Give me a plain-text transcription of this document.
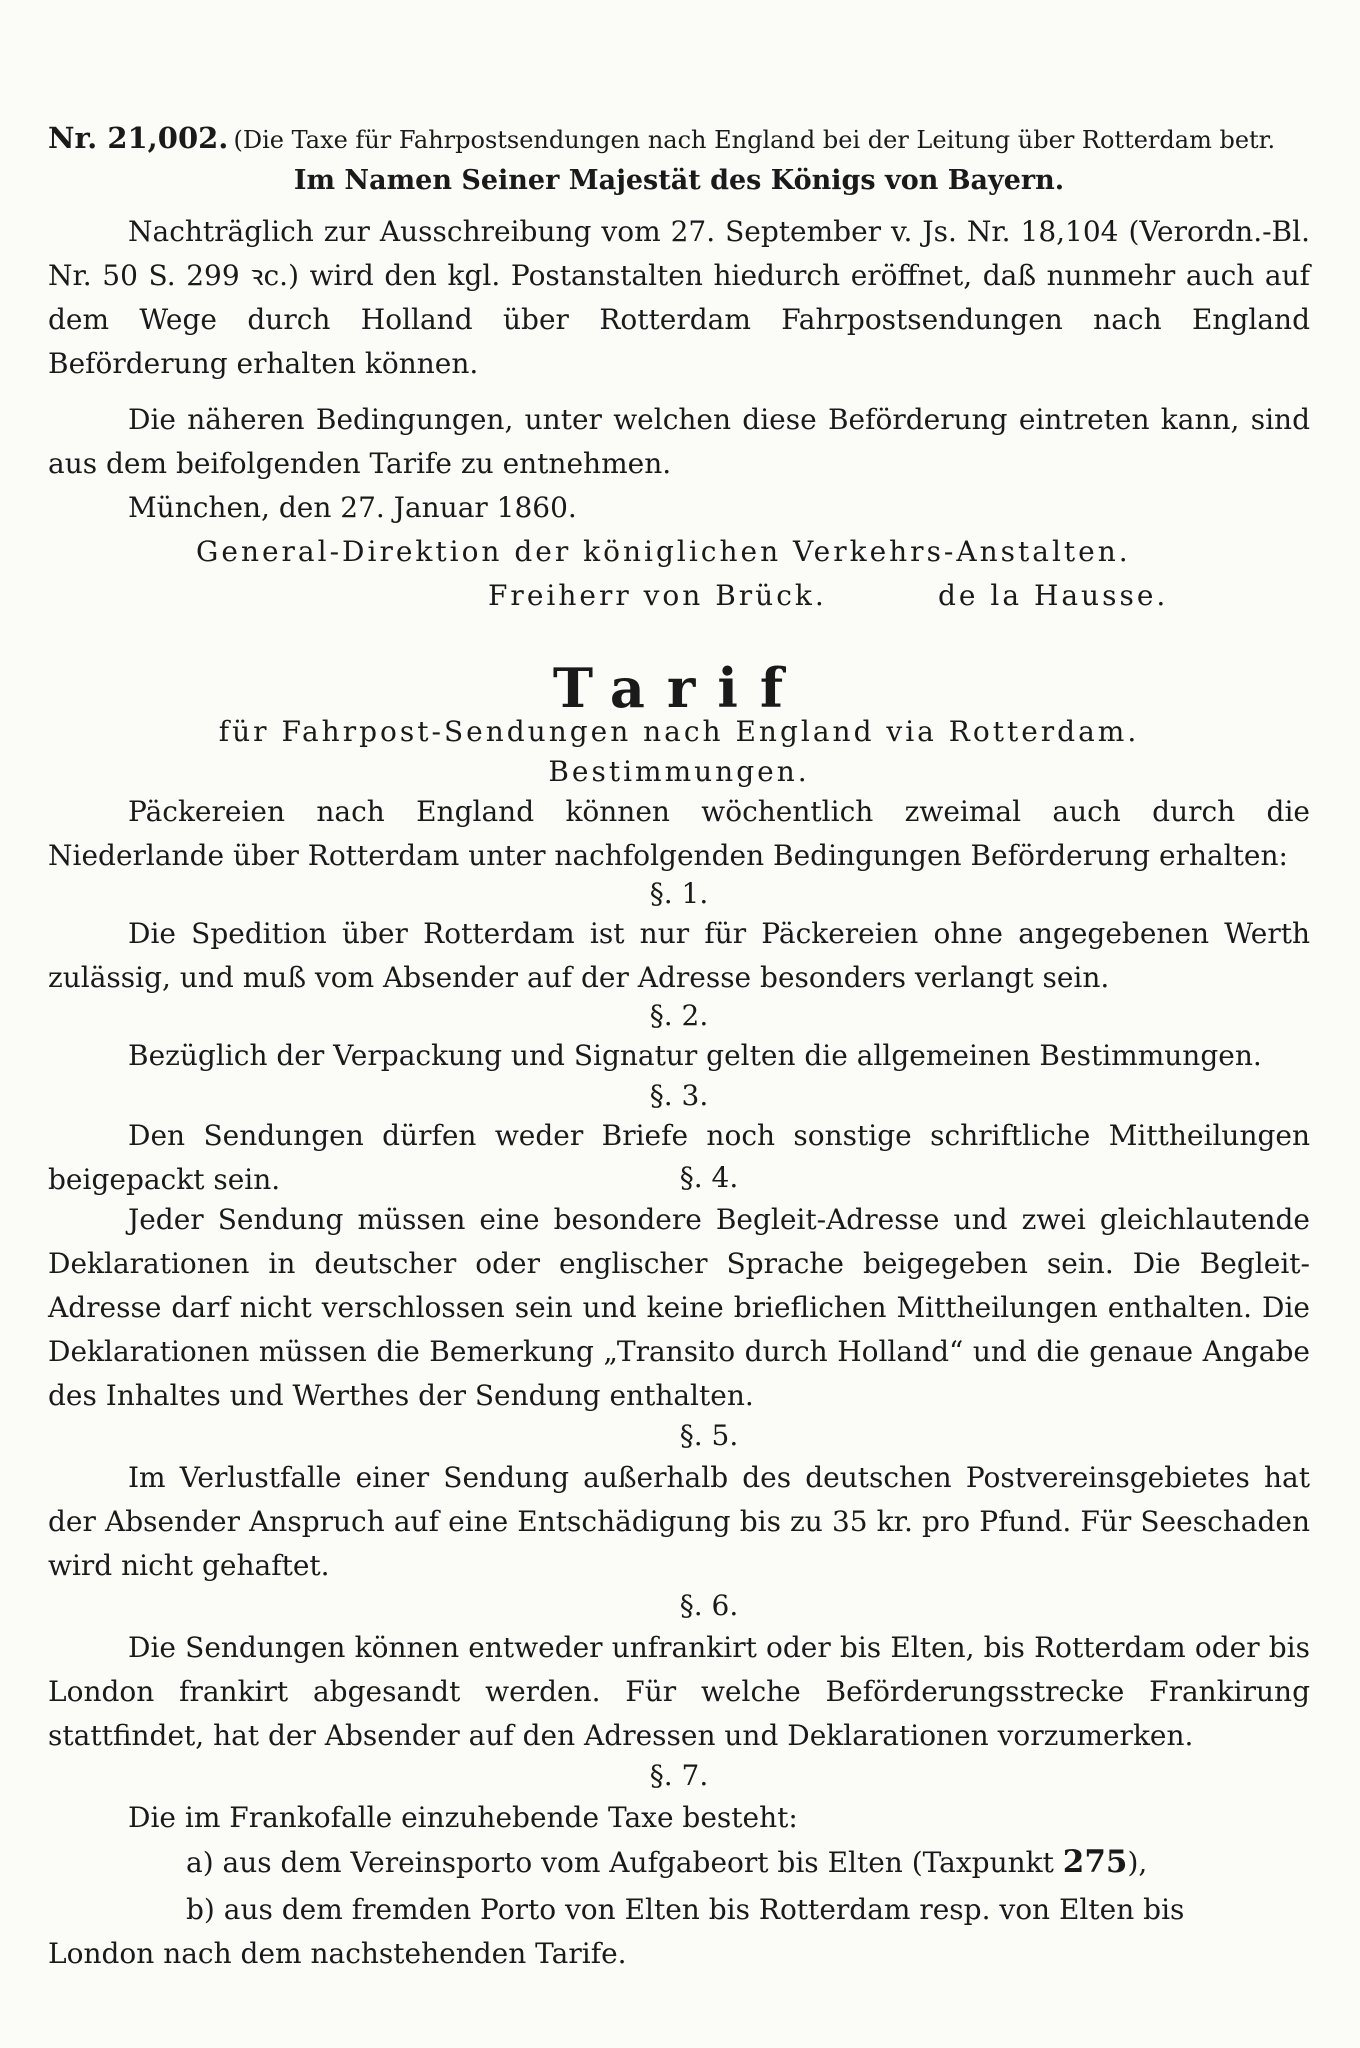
Nr. 21,002. (Die Taxe für Fahrpostsendungen nach England bei der Leitung über Rotterdam betr.
Im Namen Seiner Majestät des Königs von Bayern.
Nachträglich zur Ausschreibung vom 27. September v. Js. Nr. 18,104 (Verordn.-Bl. Nr. 50 S. 299 ꝛc.) wird den kgl. Postanstalten hiedurch eröffnet, daß nunmehr auch auf dem Wege durch Holland über Rotterdam Fahrpostsendungen nach England Beförderung erhalten können.
Die näheren Bedingungen, unter welchen diese Beförderung eintreten kann, sind aus dem beifolgenden Tarife zu entnehmen.
München, den 27. Januar 1860.
General-Direktion der königlichen Verkehrs-Anstalten.
Freiherr von Brück.	de la Hausse.
Tarif
für Fahrpost-Sendungen nach England via Rotterdam.
Bestimmungen.
Päckereien nach England können wöchentlich zweimal auch durch die Niederlande über Rotterdam unter nachfolgenden Bedingungen Beförderung erhalten:
§. 1.
Die Spedition über Rotterdam ist nur für Päckereien ohne angegebenen Werth zulässig, und muß vom Absender auf der Adresse besonders verlangt sein.
§. 2.
Bezüglich der Verpackung und Signatur gelten die allgemeinen Bestimmungen.
§. 3.
Den Sendungen dürfen weder Briefe noch sonstige schriftliche Mittheilungen beigepackt sein.	§. 4.
Jeder Sendung müssen eine besondere Begleit-Adresse und zwei gleichlautende Deklarationen in deutscher oder englischer Sprache beigegeben sein. Die Begleit-Adresse darf nicht verschlossen sein und keine brieflichen Mittheilungen enthalten. Die Deklarationen müssen die Bemerkung „Transito durch Holland“ und die genaue Angabe des Inhaltes und Werthes der Sendung enthalten.
§. 5.
Im Verlustfalle einer Sendung außerhalb des deutschen Postvereinsgebietes hat der Absender Anspruch auf eine Entschädigung bis zu 35 kr. pro Pfund. Für Seeschaden wird nicht gehaftet.
§. 6.
Die Sendungen können entweder unfrankirt oder bis Elten, bis Rotterdam oder bis London frankirt abgesandt werden. Für welche Beförderungsstrecke Frankirung stattfindet, hat der Absender auf den Adressen und Deklarationen vorzumerken.
§. 7.
Die im Frankofalle einzuhebende Taxe besteht:
a) aus dem Vereinsporto vom Aufgabeort bis Elten (Taxpunkt 275),
b) aus dem fremden Porto von Elten bis Rotterdam resp. von Elten bis
London nach dem nachstehenden Tarife.
